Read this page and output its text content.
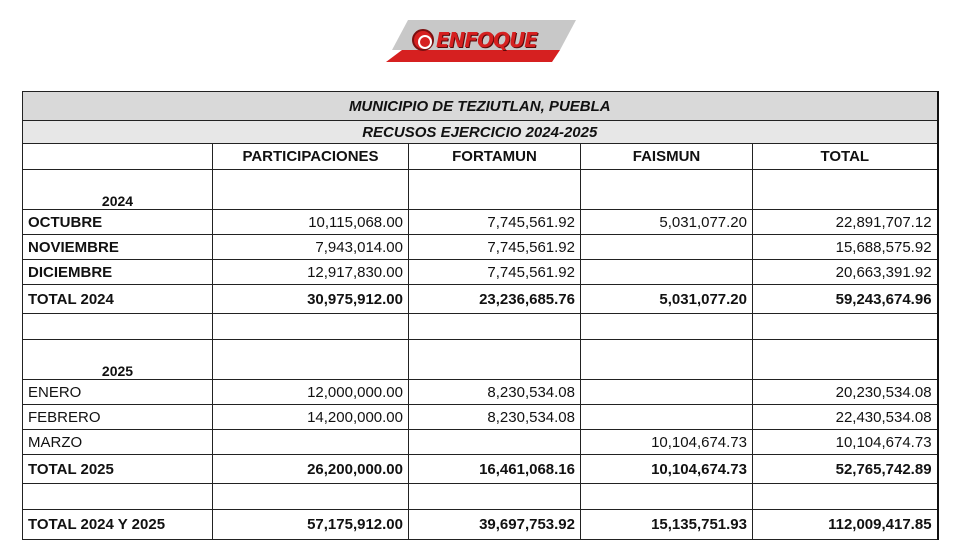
ENFOQUE
MUNICIPIO DE TEZIUTLAN, PUEBLA				
RECUSOS EJERCICIO 2024-2025				
	PARTICIPACIONES	FORTAMUN	FAISMUN	TOTAL
2024				
OCTUBRE	10,115,068.00	7,745,561.92	5,031,077.20	22,891,707.12
NOVIEMBRE	7,943,014.00	7,745,561.92		15,688,575.92
DICIEMBRE	12,917,830.00	7,745,561.92		20,663,391.92
TOTAL 2024	30,975,912.00	23,236,685.76	5,031,077.20	59,243,674.96

2025				
ENERO	12,000,000.00	8,230,534.08		20,230,534.08
FEBRERO	14,200,000.00	8,230,534.08		22,430,534.08
MARZO			10,104,674.73	10,104,674.73
TOTAL 2025	26,200,000.00	16,461,068.16	10,104,674.73	52,765,742.89

TOTAL 2024 Y 2025	57,175,912.00	39,697,753.92	15,135,751.93	112,009,417.85
